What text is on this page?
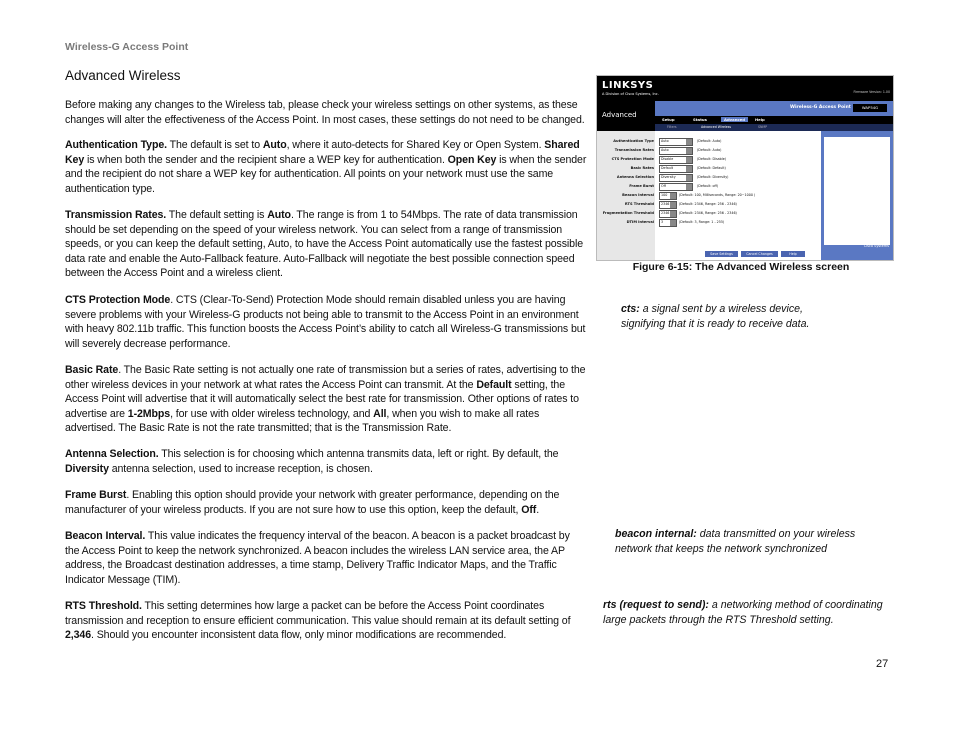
Wireless-G Access Point
Advanced Wireless

Before making any changes to the Wireless tab, please check your wireless settings on other systems, as these changes will alter the effectiveness of the Access Point. In most cases, these settings do not need to be changed.

Authentication Type. The default is set to Auto, where it auto-detects for Shared Key or Open System. Shared Key is when both the sender and the recipient share a WEP key for authentication. Open Key is when the sender and the recipient do not share a WEP key for authentication. All points on your network must use the same authentication type.

Transmission Rates. The default setting is Auto. The range is from 1 to 54Mbps. The rate of data transmission should be set depending on the speed of your wireless network. You can select from a range of transmission speeds, or you can keep the default setting, Auto, to have the Access Point automatically use the fastest possible data rate and enable the Auto-Fallback feature. Auto-Fallback will negotiate the best possible connection speed between the Access Point and a wireless client.

CTS Protection Mode. CTS (Clear-To-Send) Protection Mode should remain disabled unless you are having severe problems with your Wireless-G products not being able to transmit to the Access Point in an environment with heavy 802.11b traffic. This function boosts the Access Point’s ability to catch all Wireless-G transmissions but will severely decrease performance.

Basic Rate. The Basic Rate setting is not actually one rate of transmission but a series of rates, advertising to the other wireless devices in your network at what rates the Access Point can transmit. At the Default setting, the Access Point will advertise that it will automatically select the best rate for transmission. Other options of rates to advertise are 1-2Mbps, for use with older wireless technology, and All, when you wish to make all rates advertised. The Basic Rate is not the rate transmitted; that is the Transmission Rate.

Antenna Selection. This selection is for choosing which antenna transmits data, left or right. By default, the Diversity antenna selection, used to increase reception, is chosen.

Frame Burst. Enabling this option should provide your network with greater performance, depending on the manufacturer of your wireless products. If you are not sure how to use this option, keep the default, Off.

Beacon Interval. This value indicates the frequency interval of the beacon. A beacon is a packet broadcast by the Access Point to keep the network synchronized. A beacon includes the wireless LAN service area, the AP address, the Broadcast destination addresses, a time stamp, Delivery Traffic Indicator Maps, and the Traffic Indicator Message (TIM).

RTS Threshold. This setting determines how large a packet can be before the Access Point coordinates transmission and reception to ensure efficient communication. This value should remain at its default setting of 2,346. Should you encounter inconsistent data flow, only minor modifications are recommended.

cts: a signal sent by a wireless device, signifying that it is ready to receive data.

beacon internal: data transmitted on your wireless network that keeps the network synchronized

rts (request to send): a networking method of coordinating large packets through the RTS Threshold setting.

LINKSYS
A Division of Cisco Systems, Inc.	Firmware Version: 1.00
Advanced
Wireless-G Access Point	WAP54G
Setup	Status	Advanced	Help
Filters	Advanced Wireless	SNMP
Cisco Systems
Authentication Type Auto	(Default: Auto)
Transmission Rates Auto	(Default: Auto)
CTS Protection Mode Disable	(Default: Disable)
Basic Rates Default	(Default: Default)
Antenna Selection Diversity	(Default: Diversity)
Frame Burst Off	(Default: off)
Beacon Interval 100	(Default: 100, Milliseconds, Range: 20~1000 )
RTS Threshold 2346	(Default: 2346, Range: 256 - 2346)
Fragmentation Threshold 2346	(Default: 2346, Range: 256 - 2346)
DTIM Interval 3	(Default: 3, Range: 1 - 255)
Save Settings	Cancel Changes	Help
Figure 6-15: The Advanced Wireless screen
27
